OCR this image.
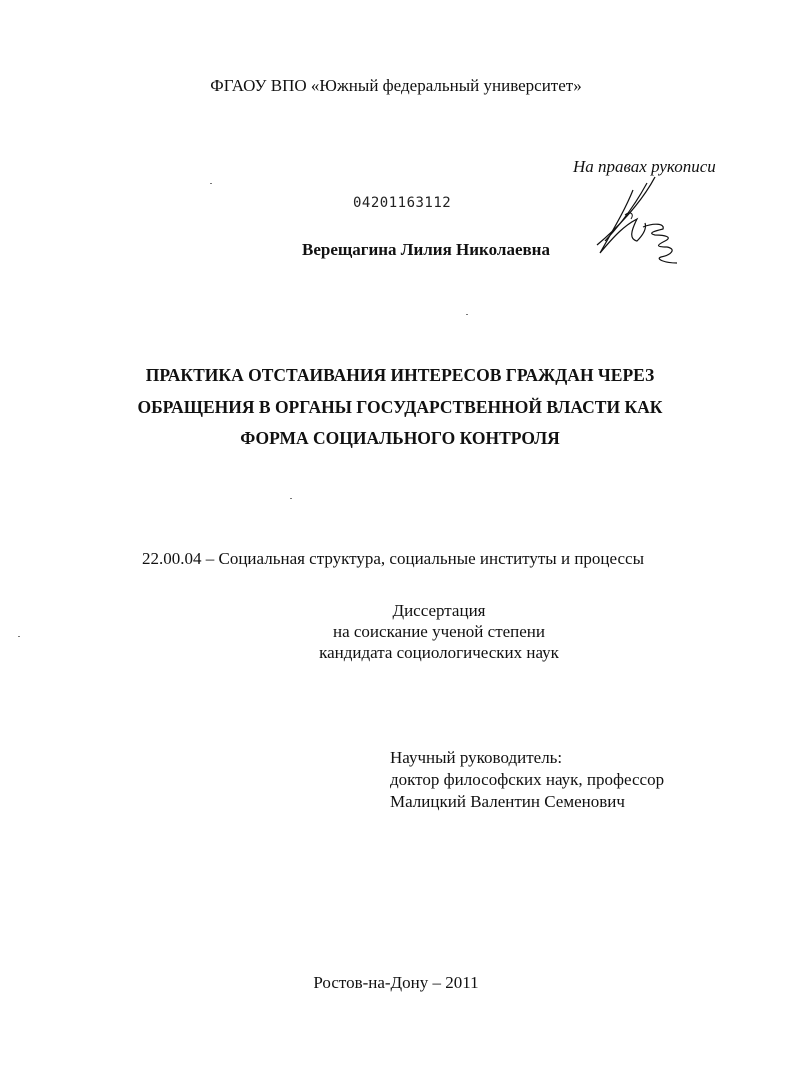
ФГАОУ ВПО «Южный федеральный университет»
На правах рукописи
04201163112
Верещагина Лилия Николаевна
ПРАКТИКА ОТСТАИВАНИЯ ИНТЕРЕСОВ ГРАЖДАН ЧЕРЕЗ
ОБРАЩЕНИЯ В ОРГАНЫ ГОСУДАРСТВЕННОЙ ВЛАСТИ КАК
ФОРМА СОЦИАЛЬНОГО КОНТРОЛЯ
22.00.04 – Социальная структура, социальные институты и процессы
Диссертация
на соискание ученой степени
кандидата социологических наук
Научный руководитель:
доктор философских наук, профессор
Малицкий Валентин Семенович
Ростов-на-Дону – 2011
